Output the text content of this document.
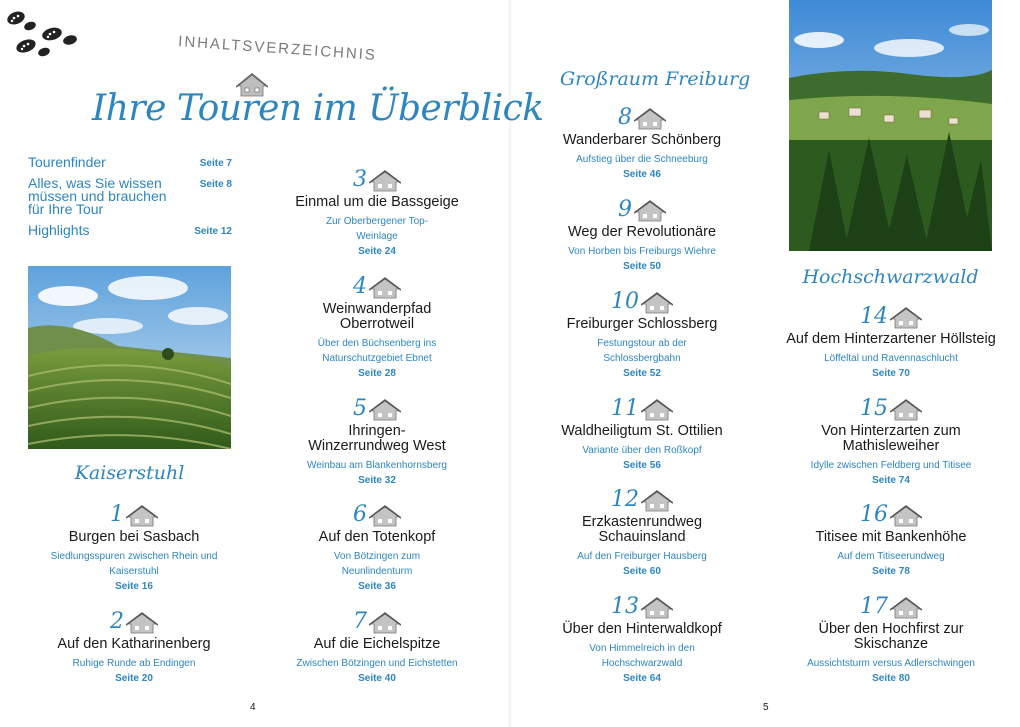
INHALTSVERZEICHNIS
Ihre Touren im Überblick
Tourenfinder	Seite 7
Alles, was Sie wissen müssen und brauchen für Ihre Tour
Seite 8
Highlights	Seite 12
Kaiserstuhl
Großraum Freiburg
Hochschwarzwald
1
Burgen bei Sasbach
Siedlungsspuren zwischen Rhein und Kaiserstuhl
Seite 16
2
Auf den Katharinenberg
Ruhige Runde ab Endingen
Seite 20
3
Einmal um die Bassgeige
Zur Oberbergener Top-Weinlage
Seite 24
4
Weinwanderpfad Oberrotweil
Über den Büchsenberg ins Naturschutzgebiet Ebnet
Seite 28
5
Ihringen-Winzerrundweg West
Weinbau am Blankenhornsberg
Seite 32
6
Auf den Totenkopf
Von Bötzingen zum Neunlindenturm
Seite 36
7
Auf die Eichelspitze
Zwischen Bötzingen und Eichstetten
Seite 40
8
Wanderbarer Schönberg
Aufstieg über die Schneeburg
Seite 46
9
Weg der Revolutionäre
Von Horben bis Freiburgs Wiehre
Seite 50
10
Freiburger Schlossberg
Festungstour ab der Schlossbergbahn
Seite 52
11
Waldheiligtum St. Ottilien
Variante über den Roßkopf
Seite 56
12
Erzkastenrundweg Schauinsland
Auf den Freiburger Hausberg
Seite 60
13
Über den Hinterwaldkopf
Von Himmelreich in den Hochschwarzwald
Seite 64
14
Auf dem Hinterzartener Höllsteig
Löffeltal und Ravennaschlucht
Seite 70
15
Von Hinterzarten zum Mathisleweiher
Idylle zwischen Feldberg und Titisee
Seite 74
16
Titisee mit Bankenhöhe
Auf dem Titiseerundweg
Seite 78
17
Über den Hochfirst zur Skischanze
Aussichtsturm versus Adlerschwingen
Seite 80
4	5
